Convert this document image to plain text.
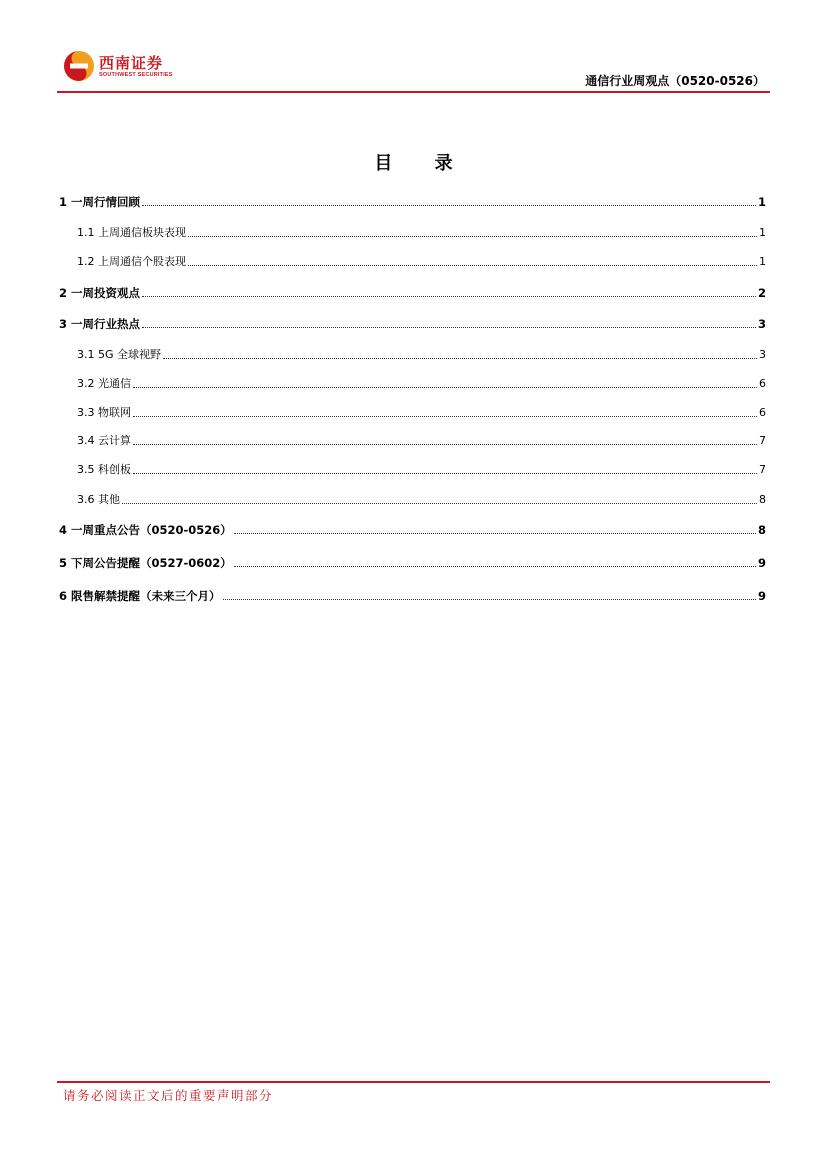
西南证券
SOUTHWEST SECURITIES	通信行业周观点（0520-0526）
目 录
1 一周行情回顾	1
1.1 上周通信板块表现	1
1.2 上周通信个股表现	1
2 一周投资观点	2
3 一周行业热点	3
3.1 5G 全球视野	3
3.2 光通信	6
3.3 物联网	6
3.4 云计算	7
3.5 科创板	7
3.6 其他	8
4 一周重点公告（0520-0526）	8
5 下周公告提醒（0527-0602）	9
6 限售解禁提醒（未来三个月）	9
请务必阅读正文后的重要声明部分
